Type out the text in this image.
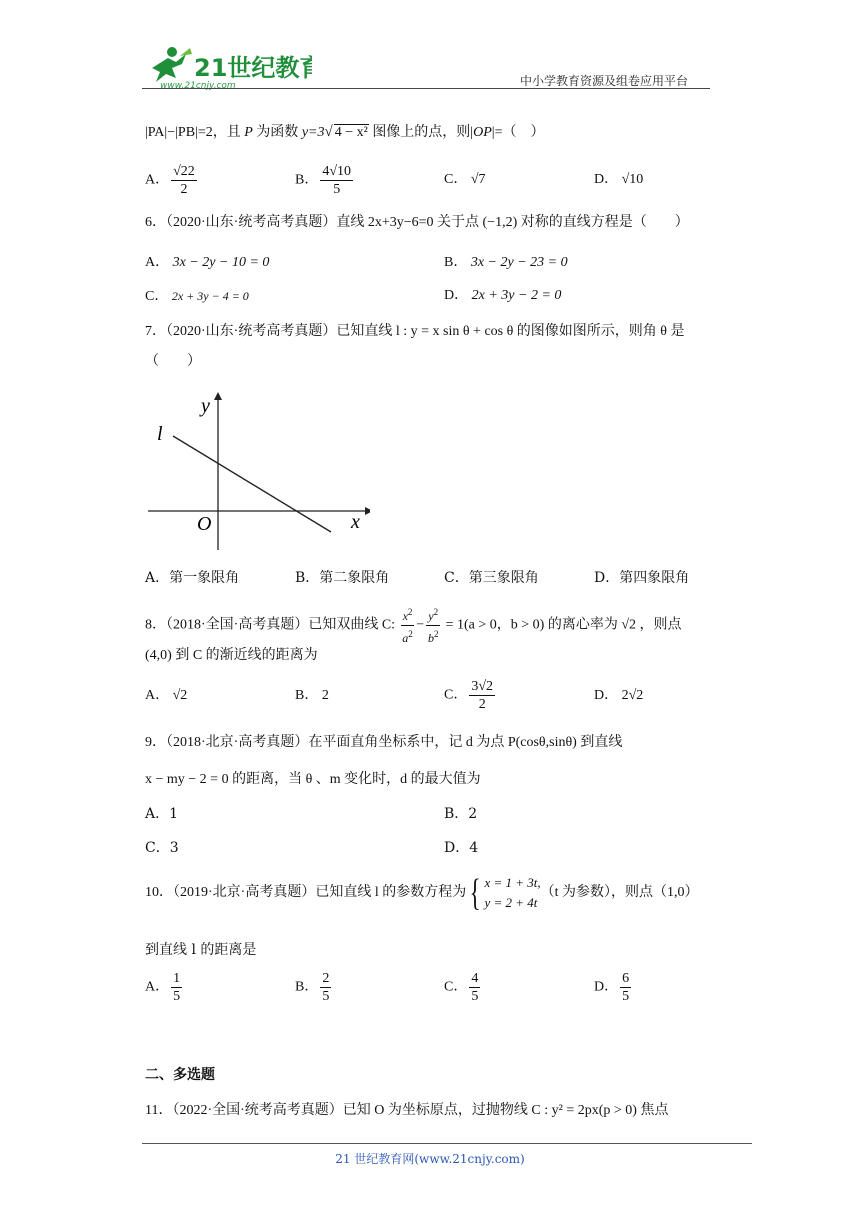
21世纪教育
www.21cnjy.com	中小学教育资源及组卷应用平台
|PA|−|PB|=2，且 P 为函数 y=3√ 4 − x² 图像上的点，则|OP|=（　）
A． $\frac{√22}{2}$	B． $\frac{4√10}{5}$	C． √7	D． √10
6．（2020·山东·统考高考真题）直线 2x+3y−6=0 关于点 (−1,2) 对称的直线方程是（　　）
A． 3x − 2y − 10 = 0	B． 3x − 2y − 23 = 0
C． 2x + 3y − 4 = 0	D． 2x + 3y − 2 = 0
7．（2020·山东·统考高考真题）已知直线 l : y = x sin θ + cos θ 的图像如图所示，则角 θ 是
（　　）
y
x
O
l
A．第一象限角	B．第二象限角	C．第三象限角	D．第四象限角
8．（2018·全国·高考真题）已知双曲线 C: $\frac{x^2}{a^2} - \frac{y^2}{b^2} = 1(a > 0$，b > 0) 的离心率为 √2 ，则点
(4,0) 到 C 的渐近线的距离为
A． √2	B． 2	C． $\frac{3√2}{2}$	D． 2√2
9．（2018·北京·高考真题）在平面直角坐标系中，记 d 为点 P(cosθ,sinθ) 到直线
x − my − 2 = 0 的距离，当 θ 、m 变化时，d 的最大值为
A．1	B．2
C．3	D．4
10．（2019·北京·高考真题）已知直线 l 的参数方程为{ x = 1 + 3t,
y = 2 + 4t
（t 为参数），则点（1,0）
到直线 l 的距离是
A． $\frac{1}{5}$	B． $\frac{2}{5}$	C． $\frac{4}{5}$	D． $\frac{6}{5}$
二、多选题
11．（2022·全国·统考高考真题）已知 O 为坐标原点，过抛物线 C : y² = 2px(p > 0) 焦点
21 世纪教育网(www.21cnjy.com)
